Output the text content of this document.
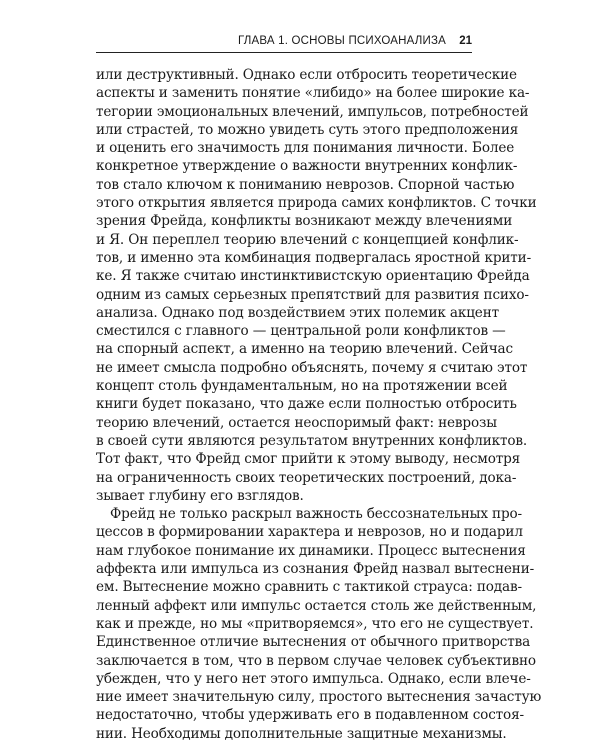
ГЛАВА 1. ОСНОВЫ ПСИХОАНАЛИЗА 21
или деструктивный. Однако если отбросить теоретические
аспекты и заменить понятие «либидо» на более широкие ка-
тегории эмоциональных влечений, импульсов, потребностей
или страстей, то можно увидеть суть этого предположения
и оценить его значимость для понимания личности. Более
конкретное утверждение о важности внутренних конфлик-
тов стало ключом к пониманию неврозов. Спорной частью
этого открытия является природа самих конфликтов. С точки
зрения Фрейда, конфликты возникают между влечениями
и Я. Он переплел теорию влечений с концепцией конфлик-
тов, и именно эта комбинация подвергалась яростной крити-
ке. Я также считаю инстинктивистскую ориентацию Фрейда
одним из самых серьезных препятствий для развития психо-
анализа. Однако под воздействием этих полемик акцент
сместился с главного — центральной роли конфликтов —
на спорный аспект, а именно на теорию влечений. Сейчас
не имеет смысла подробно объяснять, почему я считаю этот
концепт столь фундаментальным, но на протяжении всей
книги будет показано, что даже если полностью отбросить
теорию влечений, остается неоспоримый факт: неврозы
в своей сути являются результатом внутренних конфликтов.
Тот факт, что Фрейд смог прийти к этому выводу, несмотря
на ограниченность своих теоретических построений, дока-
зывает глубину его взглядов.
Фрейд не только раскрыл важность бессознательных про-
цессов в формировании характера и неврозов, но и подарил
нам глубокое понимание их динамики. Процесс вытеснения
аффекта или импульса из сознания Фрейд назвал вытеснени-
ем. Вытеснение можно сравнить с тактикой страуса: подав-
ленный аффект или импульс остается столь же действенным,
как и прежде, но мы «притворяемся», что его не существует.
Единственное отличие вытеснения от обычного притворства
заключается в том, что в первом случае человек субъективно
убежден, что у него нет этого импульса. Однако, если влече-
ние имеет значительную силу, простого вытеснения зачастую
недостаточно, чтобы удерживать его в подавленном состоя-
нии. Необходимы дополнительные защитные механизмы.
